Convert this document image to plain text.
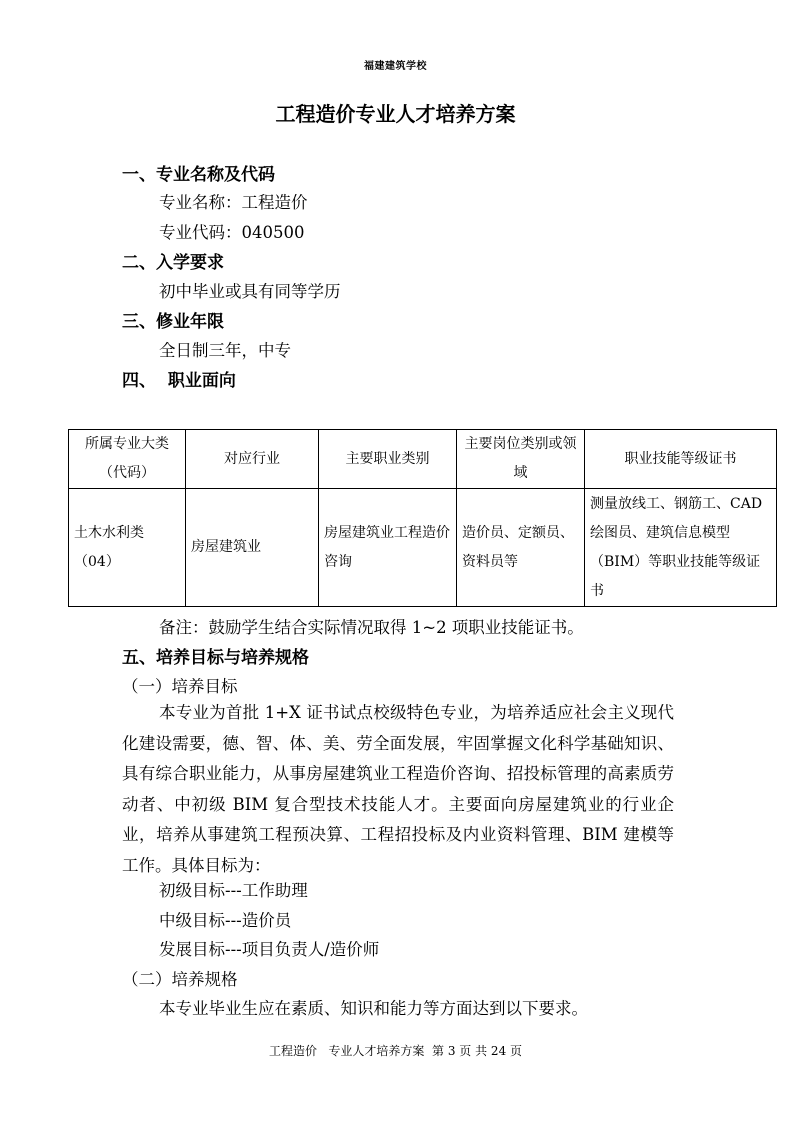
福建建筑学校
工程造价专业人才培养方案
一、专业名称及代码
专业名称：工程造价
专业代码：040500
二、入学要求
初中毕业或具有同等学历
三、修业年限
全日制三年，中专
四、  职业面向
所属专业大类（代码）	对应行业	主要职业类别	主要岗位类别或领域	职业技能等级证书
土木水利类（04）	房屋建筑业	房屋建筑业工程造价咨询	造价员、定额员、资料员等	测量放线工、钢筋工、CAD绘图员、建筑信息模型（BIM）等职业技能等级证书
备注：鼓励学生结合实际情况取得 1~2 项职业技能证书。
五、培养目标与培养规格
（一）培养目标
本专业为首批 1+X 证书试点校级特色专业，为培养适应社会主义现代化建设需要，德、智、体、美、劳全面发展，牢固掌握文化科学基础知识、具有综合职业能力，从事房屋建筑业工程造价咨询、招投标管理的高素质劳动者、中初级 BIM 复合型技术技能人才。主要面向房屋建筑业的行业企业，培养从事建筑工程预决算、工程招投标及内业资料管理、BIM 建模等工作。具体目标为：
初级目标---工作助理
中级目标---造价员
发展目标---项目负责人/造价师
（二）培养规格
本专业毕业生应在素质、知识和能力等方面达到以下要求。
工程造价   专业人才培养方案  第 3 页 共 24 页
